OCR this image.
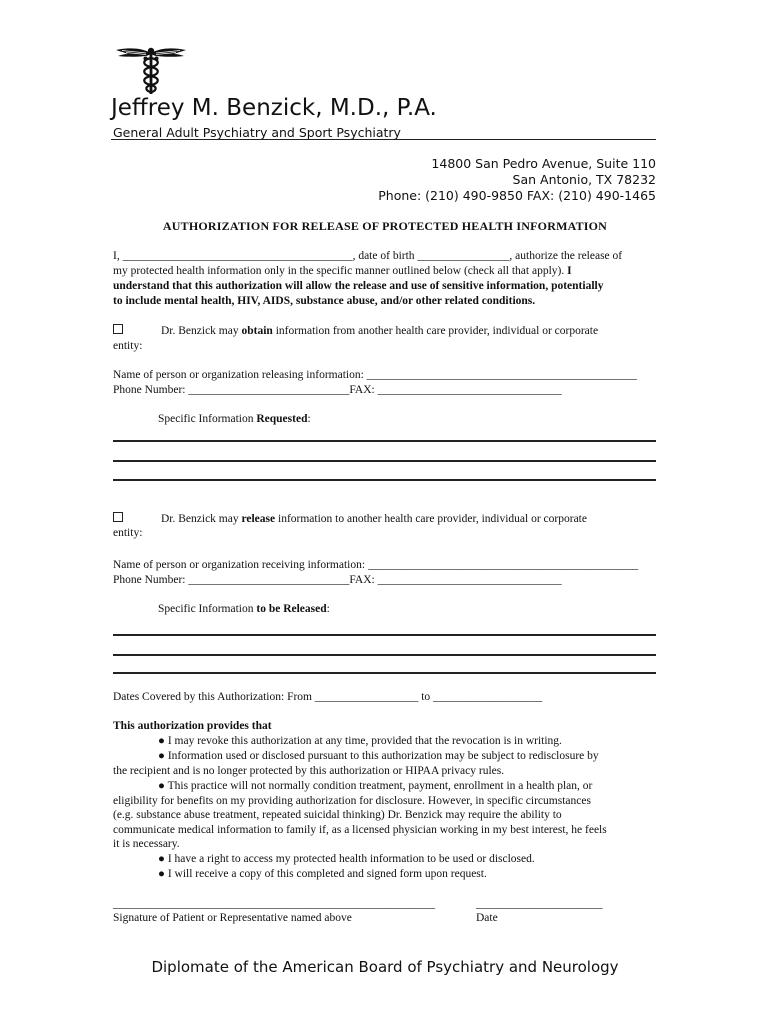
Jeffrey M. Benzick, M.D., P.A.
General Adult Psychiatry and Sport Psychiatry
14800 San Pedro Avenue, Suite 110
San Antonio, TX 78232
Phone: (210) 490-9850 FAX: (210) 490-1465
AUTHORIZATION FOR RELEASE OF PROTECTED HEALTH INFORMATION
I, ________________________________________, date of birth ________________, authorize the release of
my protected health information only in the specific manner outlined below (check all that apply). I
understand that this authorization will allow the release and use of sensitive information, potentially
to include mental health, HIV, AIDS, substance abuse, and/or other related conditions.
Dr. Benzick may obtain information from another health care provider, individual or corporate
entity:
Name of person or organization releasing information: _______________________________________________
Phone Number: ____________________________FAX: ________________________________
Specific Information Requested:
Dr. Benzick may release information to another health care provider, individual or corporate
entity:
Name of person or organization receiving information: _______________________________________________
Phone Number: ____________________________FAX: ________________________________
Specific Information to be Released:
Dates Covered by this Authorization: From __________________ to ___________________
This authorization provides that
● I may revoke this authorization at any time, provided that the revocation is in writing.
● Information used or disclosed pursuant to this authorization may be subject to redisclosure by
the recipient and is no longer protected by this authorization or HIPAA privacy rules.
● This practice will not normally condition treatment, payment, enrollment in a health plan, or
eligibility for benefits on my providing authorization for disclosure. However, in specific circumstances
(e.g. substance abuse treatment, repeated suicidal thinking) Dr. Benzick may require the ability to
communicate medical information to family if, as a licensed physician working in my best interest, he feels
it is necessary.
● I have a right to access my protected health information to be used or disclosed.
● I will receive a copy of this completed and signed form upon request.
________________________________________________________	______________________
Signature of Patient or Representative named above	Date
Diplomate of the American Board of Psychiatry and Neurology
